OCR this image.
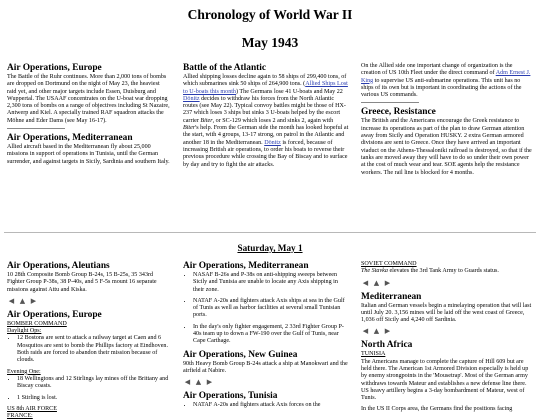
Chronology of World War II
May 1943
Air Operations, Europe

The Battle of the Ruhr continues. More than 2,000 tons of bombs are dropped on Dortmund on the night of May 23, the heaviest raid yet, and other major targets include Essen, Duisburg and Wuppertal. The USAAF concentrates on the U-boat war dropping 2,300 tons of bombs on a range of objectives including St Nazaire, Antwerp and Kiel. A specially trained RAF squadron attacks the Möhne and Eder Dams (see May 16-17).

Air Operations, Mediterranean

Allied aircraft based in the Mediterranean fly about 25,000 missions in support of operations in Tunisia, until the German surrender, and against targets in Sicily, Sardinia and southern Italy.

Battle of the Atlantic

Allied shipping losses decline again to 58 ships of 299,400 tons, of which submarines sink 50 ships of 264,900 tons. (Allied Ships Lost to U-boats this month) The Germans lose 41 U-boats and May 22 Dönitz decides to withdraw his forces from the North Atlantic routes (see May 22). Typical convoy battles might be those of HX-237 which loses 3 ships but sinks 3 U-boats helped by the escort carrier Biter, or SC-129 which loses 2 and sinks 2, again with Biter's help. From the German side the month has looked hopeful at the start, with 4 groups, 13-17 strong, on patrol in the Atlantic and another 18 in the Mediterranean. Dönitz is forced, because of increasing British air operations, to order his boats to reverse their previous procedure while crossing the Bay of Biscay and to surface by day and try to fight the air attacks.

On the Allied side one important change of organization is the creation of US 10th Fleet under the direct command of Adm Ernest J. King to supervise US anti-submarine operations. This unit has no ships of its own but is important in coordinating the actions of the various US commands.

Greece, Resistance

The British and the Americans encourage the Greek resistance to increase its operations as part of the plan to draw German attention away from Sicily and Operation HUSKY. 2 extra German armored divisions are sent to Greece. Once they have arrived an important viaduct on the Athens-Thessaloniki railroad is destroyed, so that if the tanks are moved away they will have to do so under their own power at the cost of much wear and tear. SOE agents help the resistance workers. The rail line is blocked for 4 months.

Saturday, May 1
Air Operations, Aleutians

10 28th Composite Bomb Group B-24s, 15 B-25s, 35 343rd Fighter Group P-38s, 38 P-40s, and 5 F-5s mount 16 separate missions against Attu and Kiska.

◀ ▲ ▶
Air Operations, Europe
BOMBER COMMAND
Daylight Ops:
• 12 Bostons are sent to attack a railway target at Caen and 6 Mosquitos are sent to bomb the Phillips factory at Eindhoven. Both raids are forced to abandon their mission because of clouds.
Evening One:
• 18 Wellingtons and 12 Stirlings lay mines off the Brittany and Biscay coasts.
• 1 Stirling is lost.
US 8th AIR FORCE
FRANCE:
Air Operations, Mediterranean
• NASAF B-26s and P-38s on anti-shipping sweeps between Sicily and Tunisia are unable to locate any Axis shipping in their zone.
• NATAF A-20s and fighters attack Axis ships at sea in the Gulf of Tunis as well as harbor facilities at several small Tunisian ports.
• In the day's only fighter engagement, 2 33rd Fighter Group P-40s team up to down a FW-190 over the Gulf of Tunis, near Cape Carthage.
Air Operations, New Guinea

90th Heavy Bomb Group B-24s attack a ship at Manokwari and the airfield at Nabire.

◀ ▲ ▶
Air Operations, Tunisia
• NATAF A-20s and fighters attack Axis forces on the
SOVIET COMMAND

The Stavka elevates the 3rd Tank Army to Guards status.

◀ ▲ ▶
Mediterranean

Italian and German vessels begin a minelaying operation that will last until July 20. 3,156 mines will be laid off the west coast of Greece, 1,036 off Sicily and 4,240 off Sardinia.

◀ ▲ ▶
North Africa
TUNISIA

The Americans manage to complete the capture of Hill 609 but are held there. The American 1st Armored Division especially is held up by enemy strongpoints in the 'Mousetrap'. Most of the German army withdraws towards Mateur and establishes a new defense line there. US heavy artillery begins a 3-day bombardment of Mateur, west of Tunis.

In the US II Corps area, the Germans find the positions facing
